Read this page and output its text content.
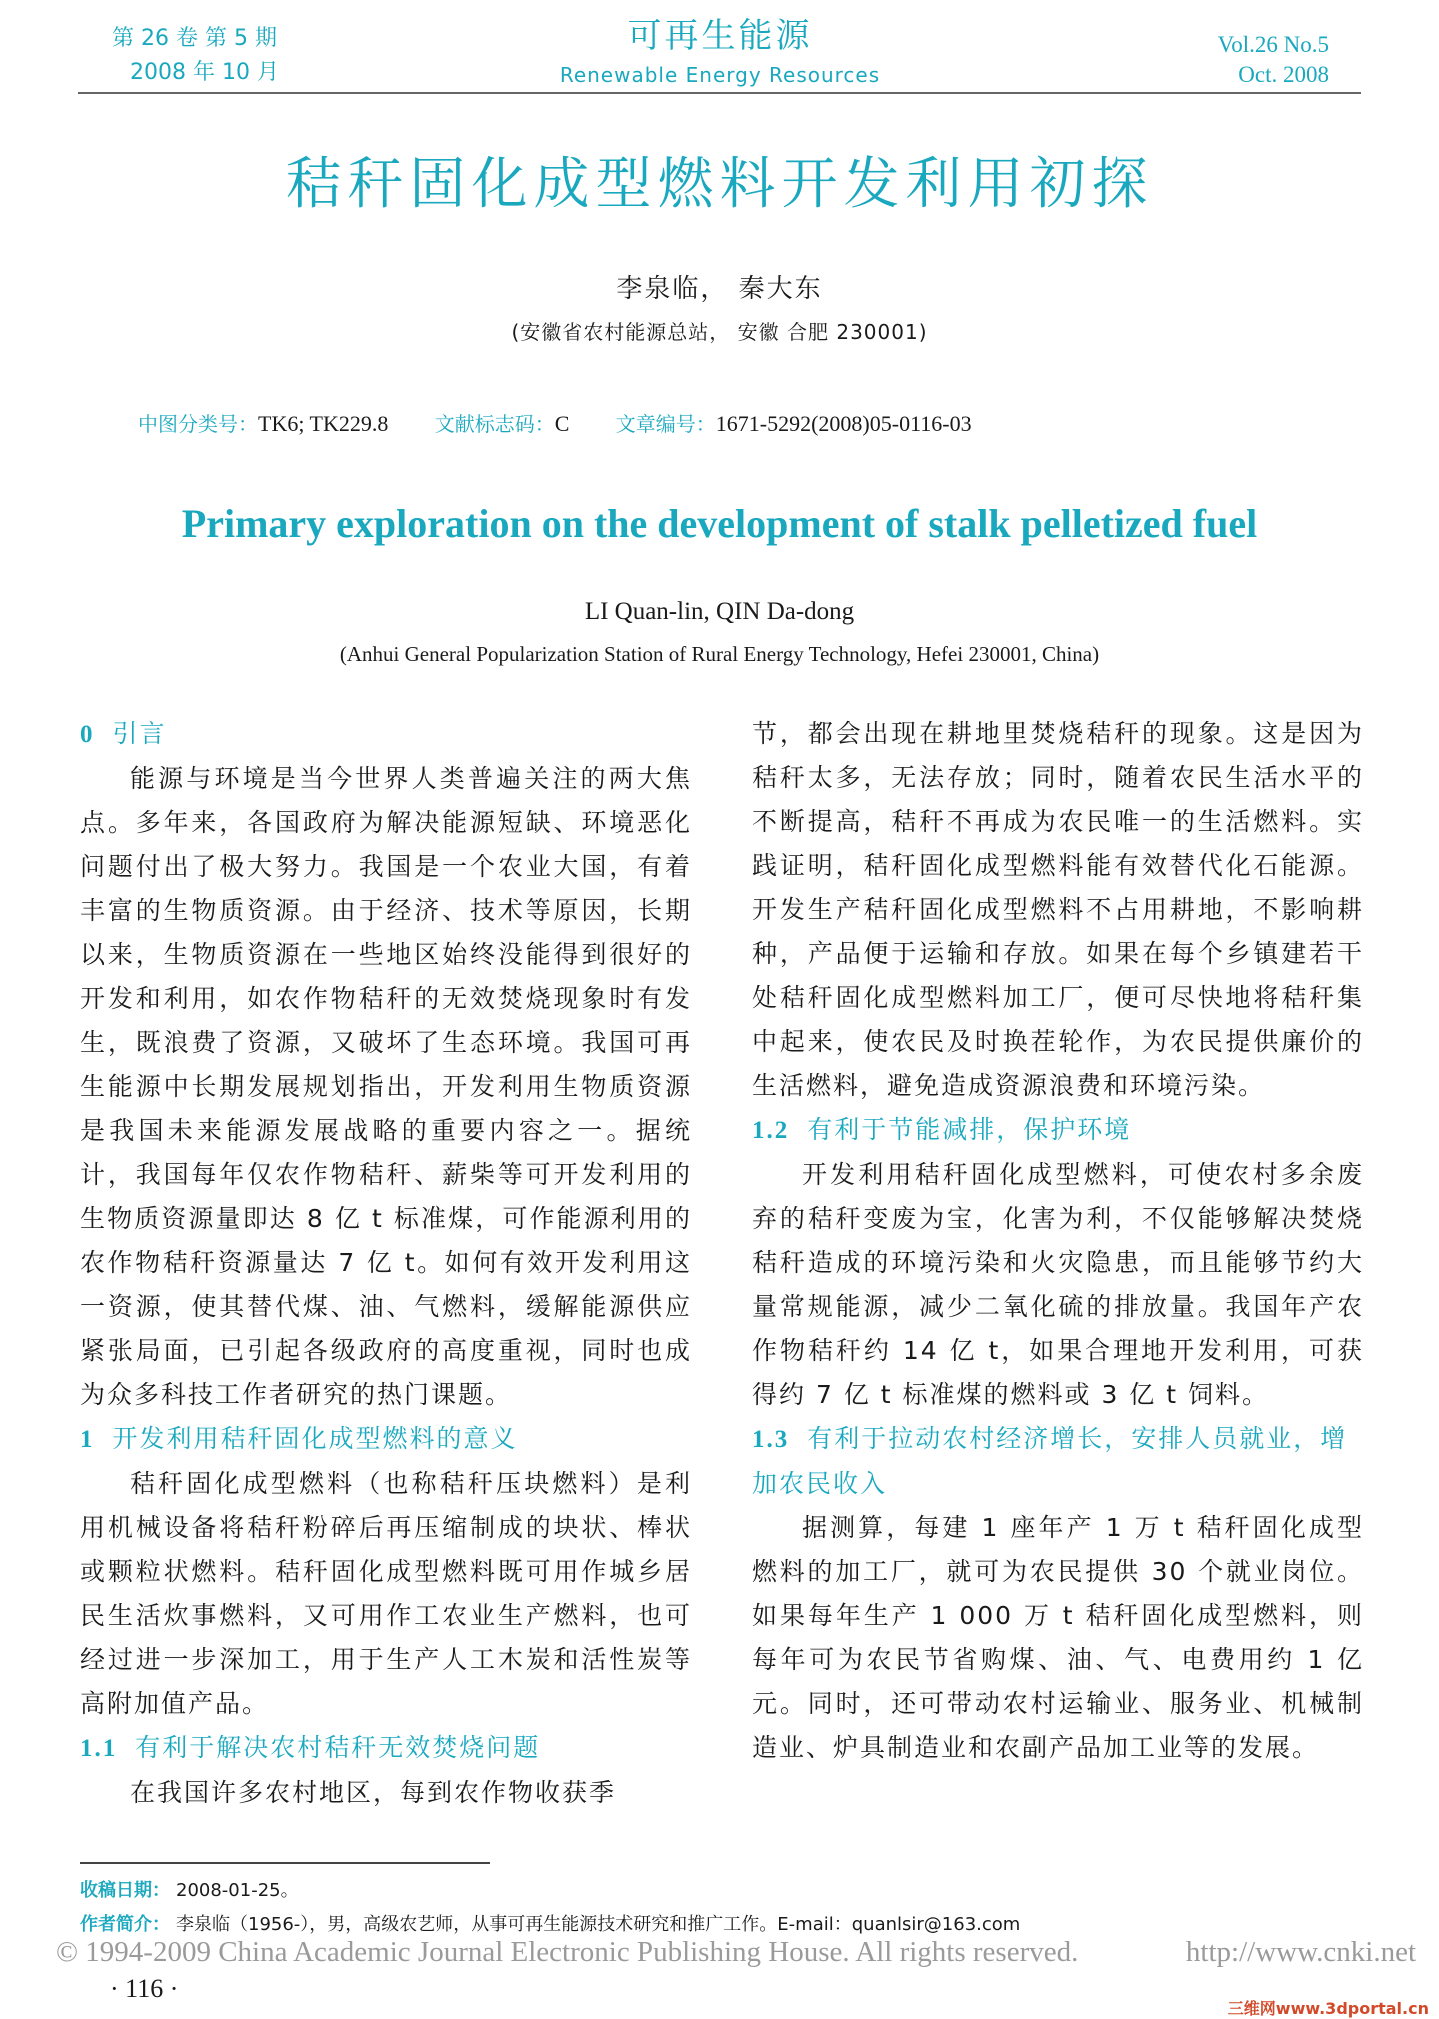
第 26 卷 第 5 期
2008 年 10 月
可再生能源
Renewable Energy Resources
Vol.26 No.5
Oct. 2008
秸秆固化成型燃料开发利用初探
李泉临， 秦大东
(安徽省农村能源总站， 安徽 合肥 230001)
中图分类号：TK6; TK229.8 文献标志码：C 文章编号：1671-5292(2008)05-0116-03
Primary exploration on the development of stalk pelletized fuel
LI Quan-lin, QIN Da-dong
(Anhui General Popularization Station of Rural Energy Technology, Hefei 230001, China)
0 引言

能源与环境是当今世界人类普遍关注的两大焦点。多年来，各国政府为解决能源短缺、环境恶化问题付出了极大努力。我国是一个农业大国，有着丰富的生物质资源。由于经济、技术等原因，长期以来，生物质资源在一些地区始终没能得到很好的开发和利用，如农作物秸秆的无效焚烧现象时有发生，既浪费了资源，又破坏了生态环境。我国可再生能源中长期发展规划指出，开发利用生物质资源是我国未来能源发展战略的重要内容之一。据统计，我国每年仅农作物秸秆、薪柴等可开发利用的生物质资源量即达 8 亿 t 标准煤，可作能源利用的农作物秸秆资源量达 7 亿 t。如何有效开发利用这一资源，使其替代煤、油、气燃料，缓解能源供应紧张局面，已引起各级政府的高度重视，同时也成为众多科技工作者研究的热门课题。

1 开发利用秸秆固化成型燃料的意义

秸秆固化成型燃料（也称秸秆压块燃料）是利用机械设备将秸秆粉碎后再压缩制成的块状、棒状或颗粒状燃料。秸秆固化成型燃料既可用作城乡居民生活炊事燃料，又可用作工农业生产燃料，也可经过进一步深加工，用于生产人工木炭和活性炭等高附加值产品。

1.1 有利于解决农村秸秆无效焚烧问题

在我国许多农村地区，每到农作物收获季

节，都会出现在耕地里焚烧秸秆的现象。这是因为秸秆太多，无法存放；同时，随着农民生活水平的不断提高，秸秆不再成为农民唯一的生活燃料。实践证明，秸秆固化成型燃料能有效替代化石能源。开发生产秸秆固化成型燃料不占用耕地，不影响耕种，产品便于运输和存放。如果在每个乡镇建若干处秸秆固化成型燃料加工厂，便可尽快地将秸秆集中起来，使农民及时换茬轮作，为农民提供廉价的生活燃料，避免造成资源浪费和环境污染。

1.2 有利于节能减排，保护环境

开发利用秸秆固化成型燃料，可使农村多余废弃的秸秆变废为宝，化害为利，不仅能够解决焚烧秸秆造成的环境污染和火灾隐患，而且能够节约大量常规能源，减少二氧化硫的排放量。我国年产农作物秸秆约 14 亿 t，如果合理地开发利用，可获得约 7 亿 t 标准煤的燃料或 3 亿 t 饲料。

1.3 有利于拉动农村经济增长，安排人员就业，增加农民收入

据测算，每建 1 座年产 1 万 t 秸秆固化成型燃料的加工厂，就可为农民提供 30 个就业岗位。如果每年生产 1 000 万 t 秸秆固化成型燃料，则每年可为农民节省购煤、油、气、电费用约 1 亿元。同时，还可带动农村运输业、服务业、机械制造业、炉具制造业和农副产品加工业等的发展。

收稿日期： 2008-01-25。
作者简介： 李泉临（1956-），男，高级农艺师，从事可再生能源技术研究和推广工作。E-mail：quanlsir@163.com
© 1994-2009 China Academic Journal Electronic Publishing House. All rights reserved.	http://www.cnki.net
· 116 ·
三维网www.3dportal.cn
